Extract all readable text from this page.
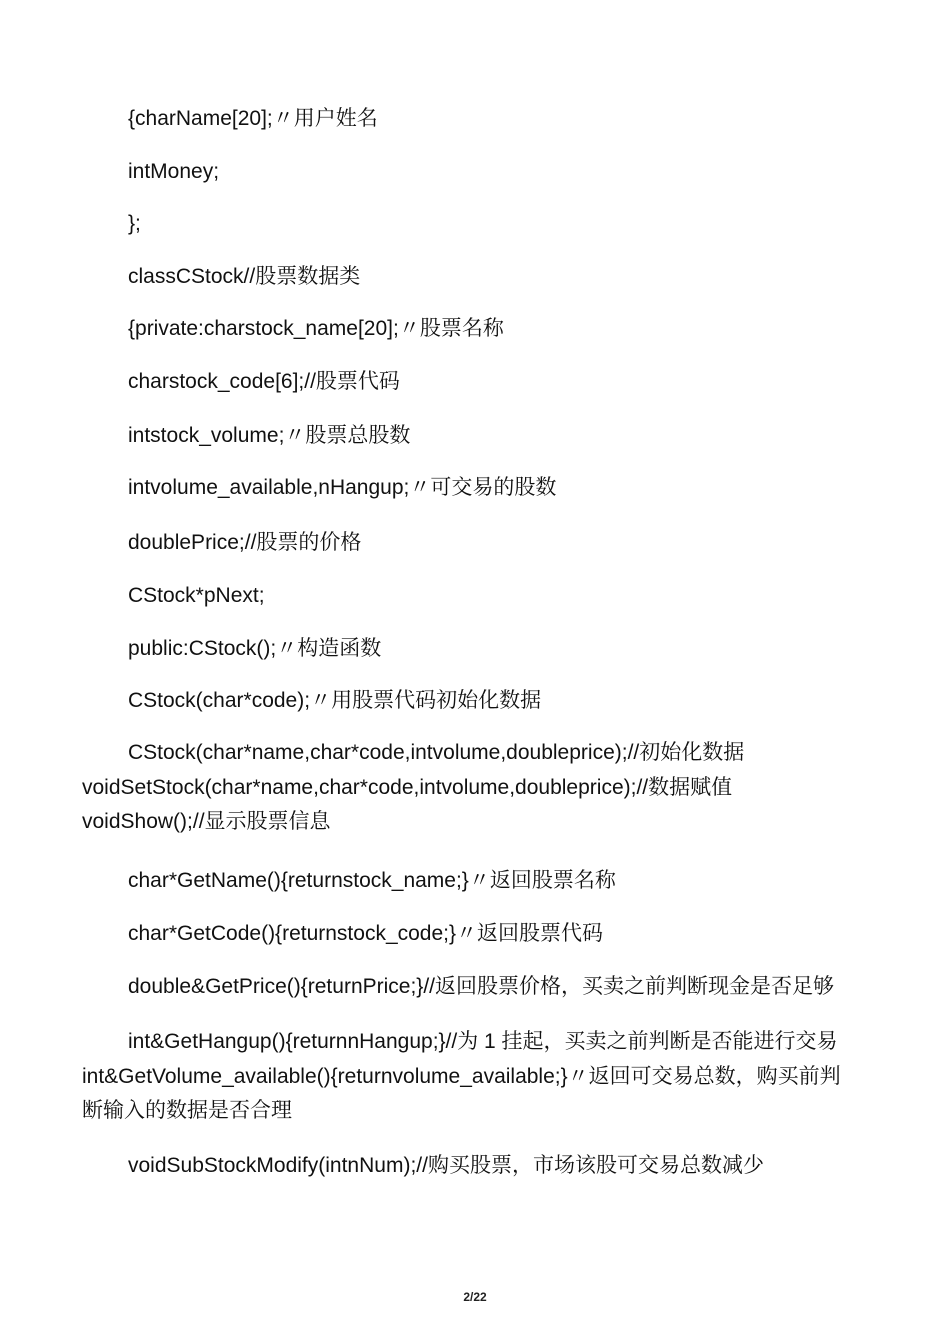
{charName[20];〃用户姓名
intMoney;
};
classCStock//股票数据类
{private:charstock_name[20];〃股票名称
charstock_code[6];//股票代码
intstock_volume;〃股票总股数
intvolume_available,nHangup;〃可交易的股数
doublePrice;//股票的价格
CStock*pNext;
public:CStock();〃构造函数
CStock(char*code);〃用股票代码初始化数据
CStock(char*name,char*code,intvolume,doubleprice);//初始化数据
voidSetStock(char*name,char*code,intvolume,doubleprice);//数据赋值
voidShow();//显示股票信息
char*GetName(){returnstock_name;}〃返回股票名称
char*GetCode(){returnstock_code;}〃返回股票代码
double&GetPrice(){returnPrice;}//返回股票价格，买卖之前判断现金是否足够
int&GetHangup(){returnnHangup;}//为 1 挂起，买卖之前判断是否能进行交易
int&GetVolume_available(){returnvolume_available;}〃返回可交易总数，购买前判
断输入的数据是否合理
voidSubStockModify(intnNum);//购买股票，市场该股可交易总数减少
2/22
